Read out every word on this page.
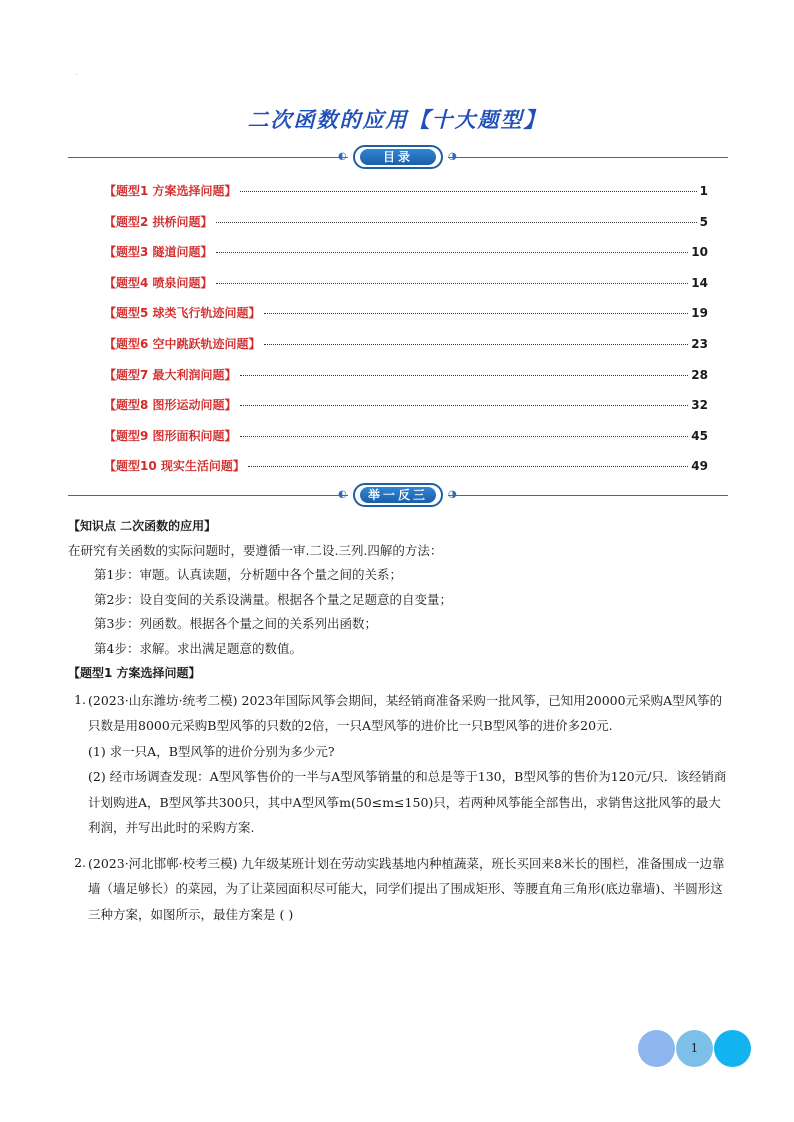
·
二次函数的应用【十大题型】
◐	目录	◑
【题型1 方案选择问题】	1
【题型2 拱桥问题】	5
【题型3 隧道问题】	10
【题型4 喷泉问题】	14
【题型5 球类飞行轨迹问题】	19
【题型6 空中跳跃轨迹问题】	23
【题型7 最大利润问题】	28
【题型8 图形运动问题】	32
【题型9 图形面积问题】	45
【题型10 现实生活问题】	49
◐	举一反三	◑
【知识点 二次函数的应用】
在研究有关函数的实际问题时，要遵循一审.二设.三列.四解的方法：
第1步：审题。认真读题，分析题中各个量之间的关系；
第2步：设自变间的关系设满量。根据各个量之足题意的自变量；
第3步：列函数。根据各个量之间的关系列出函数；
第4步：求解。求出满足题意的数值。
【题型1 方案选择问题】
1. (2023·山东潍坊·统考二模) 2023年国际风筝会期间，某经销商准备采购一批风筝，已知用20000元采购A型风筝的只数是用8000元采购B型风筝的只数的2倍，一只A型风筝的进价比一只B型风筝的进价多20元.
(1) 求一只A，B型风筝的进价分别为多少元?
(2) 经市场调查发现：A型风筝售价的一半与A型风筝销量的和总是等于130，B型风筝的售价为120元/只．该经销商计划购进A，B型风筝共300只，其中A型风筝m(50≤m≤150)只，若两种风筝能全部售出，求销售这批风筝的最大利润，并写出此时的采购方案.
2. (2023·河北邯郸·校考三模) 九年级某班计划在劳动实践基地内种植蔬菜，班长买回来8米长的围栏，准备围成一边靠墙（墙足够长）的菜园，为了让菜园面积尽可能大，同学们提出了围成矩形、等腰直角三角形(底边靠墙)、半圆形这三种方案，如图所示，最佳方案是 ( )
1
